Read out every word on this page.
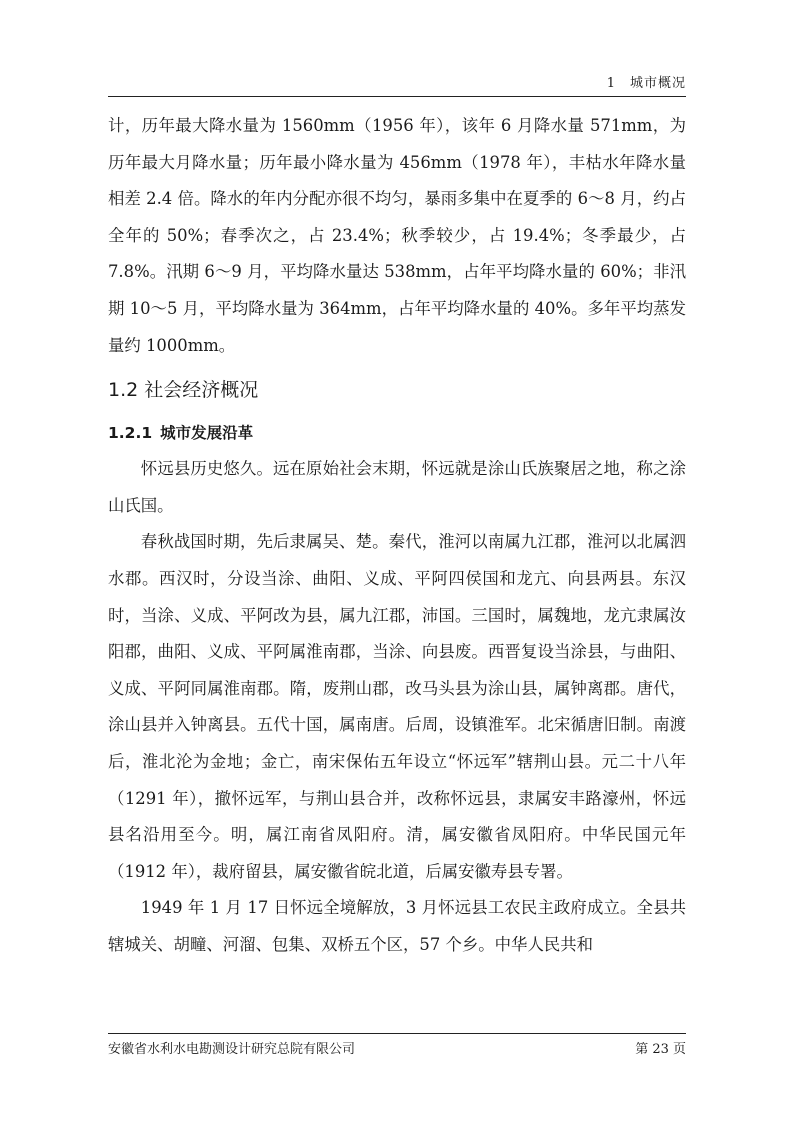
1　城市概况

计，历年最大降水量为 1560mm（1956 年），该年 6 月降水量 571mm，为历年最大月降水量；历年最小降水量为 456mm（1978 年），丰枯水年降水量相差 2.4 倍。降水的年内分配亦很不均匀，暴雨多集中在夏季的 6～8 月，约占全年的 50%；春季次之，占 23.4%；秋季较少，占 19.4%；冬季最少，占 7.8%。汛期 6～9 月，平均降水量达 538mm，占年平均降水量的 60%；非汛期 10～5 月，平均降水量为 364mm，占年平均降水量的 40%。多年平均蒸发量约 1000mm。

1.2 社会经济概况
1.2.1 城市发展沿革

怀远县历史悠久。远在原始社会末期，怀远就是涂山氏族聚居之地，称之涂山氏国。

春秋战国时期，先后隶属吴、楚。秦代，淮河以南属九江郡，淮河以北属泗水郡。西汉时，分设当涂、曲阳、义成、平阿四侯国和龙亢、向县两县。东汉时，当涂、义成、平阿改为县，属九江郡，沛国。三国时，属魏地，龙亢隶属汝阳郡，曲阳、义成、平阿属淮南郡，当涂、向县废。西晋复设当涂县，与曲阳、义成、平阿同属淮南郡。隋，废荆山郡，改马头县为涂山县，属钟离郡。唐代，涂山县并入钟离县。五代十国，属南唐。后周，设镇淮军。北宋循唐旧制。南渡后，淮北沦为金地；金亡，南宋保佑五年设立“怀远军”辖荆山县。元二十八年（1291 年），撤怀远军，与荆山县合并，改称怀远县，隶属安丰路濠州，怀远县名沿用至今。明，属江南省凤阳府。清，属安徽省凤阳府。中华民国元年（1912 年），裁府留县，属安徽省皖北道，后属安徽寿县专署。

1949 年 1 月 17 日怀远全境解放，3 月怀远县工农民主政府成立。全县共辖城关、胡疃、河溜、包集、双桥五个区，57 个乡。中华人民共和

安徽省水利水电勘测设计研究总院有限公司	第 23 页
